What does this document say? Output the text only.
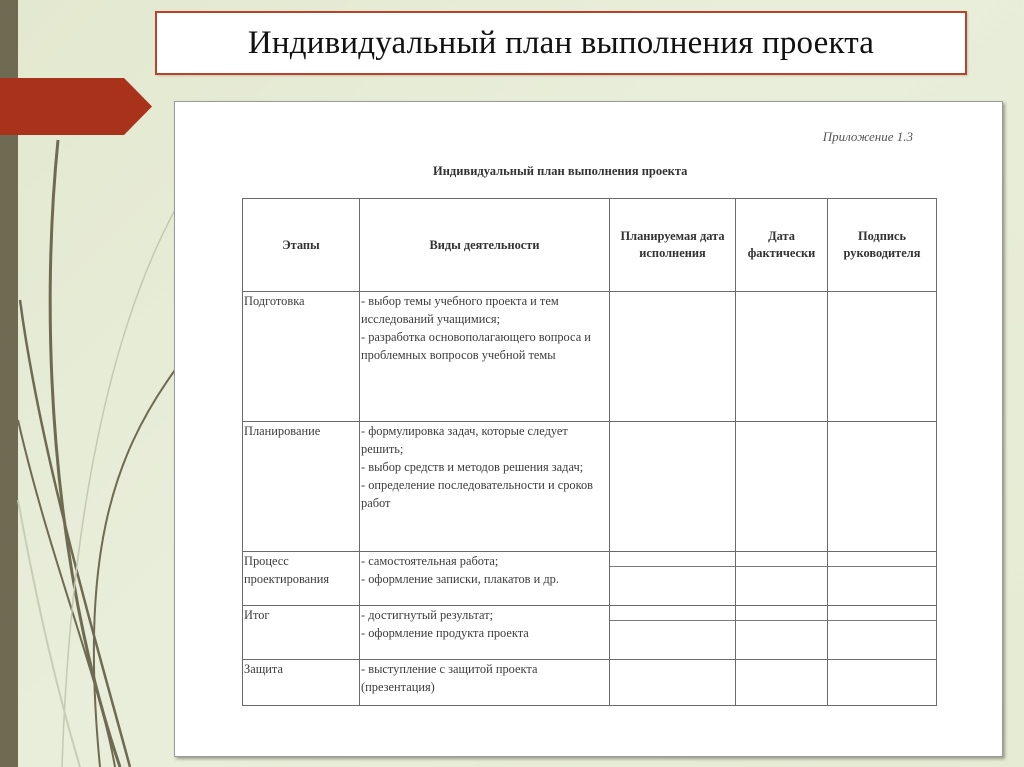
Индивидуальный план выполнения проекта
Приложение 1.3
Индивидуальный план выполнения проекта
Этапы	Виды деятельности	Планируемая дата исполнения	Дата фактически	Подпись руководителя
Подготовка	- выбор темы учебного проекта и тем исследований учащимися;
- разработка основополагающего вопроса и проблемных вопросов учебной темы			

Планирование	- формулировка задач, которые следует решить;
- выбор средств и методов решения задач;
- определение последовательности и сроков работ			

Процесс проектирования	- самостоятельная работа;
- оформление записки, плакатов и др.			

Итог	- достигнутый результат;
- оформление продукта проекта			

Защита	- выступление с защитой проекта (презентация)			
